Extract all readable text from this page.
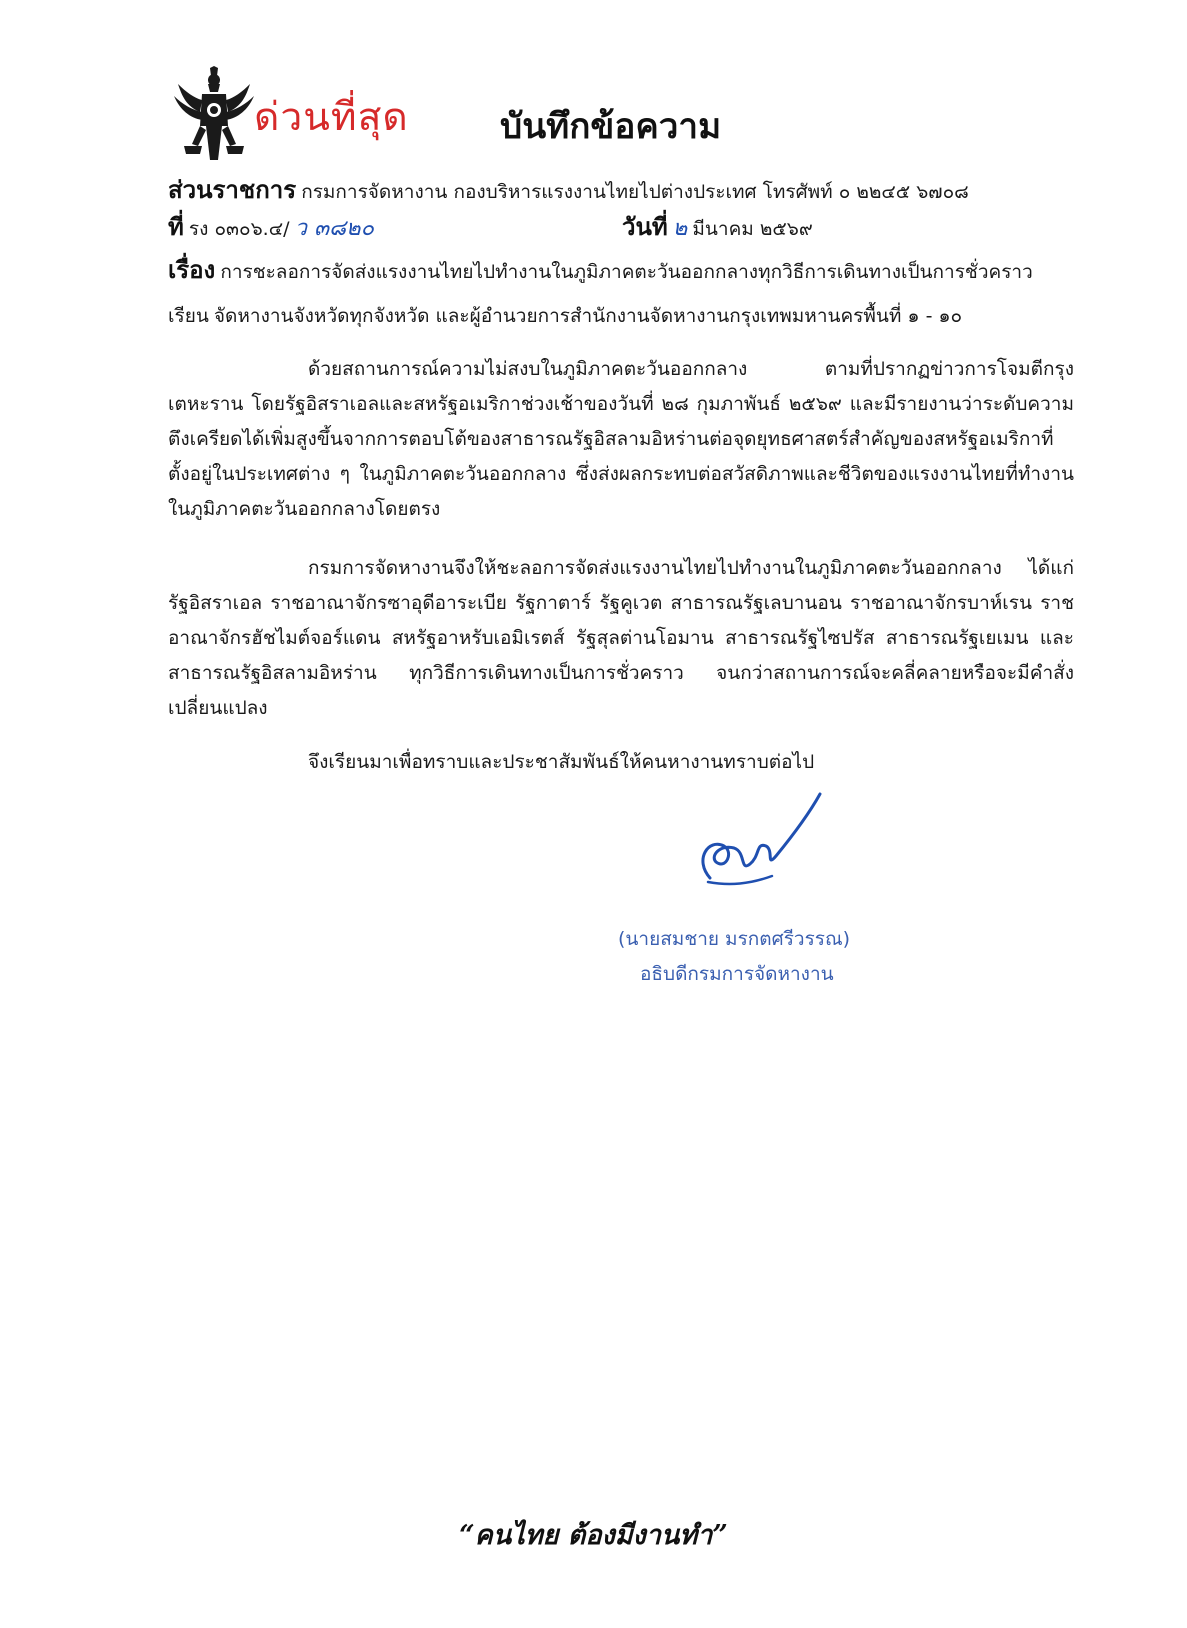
ด่วนที่สุด	บันทึกข้อความ
ส่วนราชการ กรมการจัดหางาน กองบริหารแรงงานไทยไปต่างประเทศ โทรศัพท์ ๐ ๒๒๔๕ ๖๗๐๘
ที่ รง ๐๓๐๖.๔/ ว ๓๘๒๐	วันที่ ๒ มีนาคม ๒๕๖๙
เรื่อง การชะลอการจัดส่งแรงงานไทยไปทำงานในภูมิภาคตะวันออกกลางทุกวิธีการเดินทางเป็นการชั่วคราว
เรียน จัดหางานจังหวัดทุกจังหวัด และผู้อำนวยการสำนักงานจัดหางานกรุงเทพมหานครพื้นที่ ๑ - ๑๐

ด้วยสถานการณ์ความไม่สงบในภูมิภาคตะวันออกกลาง ตามที่ปรากฏข่าวการโจมตีกรุงเตหะราน โดยรัฐอิสราเอลและสหรัฐอเมริกาช่วงเช้าของวันที่ ๒๘ กุมภาพันธ์ ๒๕๖๙ และมีรายงานว่าระดับความตึงเครียดได้เพิ่มสูงขึ้นจากการตอบโต้ของสาธารณรัฐอิสลามอิหร่านต่อจุดยุทธศาสตร์สำคัญของสหรัฐอเมริกาที่ตั้งอยู่ในประเทศต่าง ๆ ในภูมิภาคตะวันออกกลาง ซึ่งส่งผลกระทบต่อสวัสดิภาพและชีวิตของแรงงานไทยที่ทำงานในภูมิภาคตะวันออกกลางโดยตรง

กรมการจัดหางานจึงให้ชะลอการจัดส่งแรงงานไทยไปทำงานในภูมิภาคตะวันออกกลาง ได้แก่ รัฐอิสราเอล ราชอาณาจักรซาอุดีอาระเบีย รัฐกาตาร์ รัฐคูเวต สาธารณรัฐเลบานอน ราชอาณาจักรบาห์เรน ราชอาณาจักรฮัชไมต์จอร์แดน สหรัฐอาหรับเอมิเรตส์ รัฐสุลต่านโอมาน สาธารณรัฐไซปรัส สาธารณรัฐเยเมน และสาธารณรัฐอิสลามอิหร่าน ทุกวิธีการเดินทางเป็นการชั่วคราว จนกว่าสถานการณ์จะคลี่คลายหรือจะมีคำสั่งเปลี่ยนแปลง

จึงเรียนมาเพื่อทราบและประชาสัมพันธ์ให้คนหางานทราบต่อไป

(นายสมชาย มรกตศรีวรรณ)
อธิบดีกรมการจัดหางาน
“คนไทย ต้องมีงานทำ”
